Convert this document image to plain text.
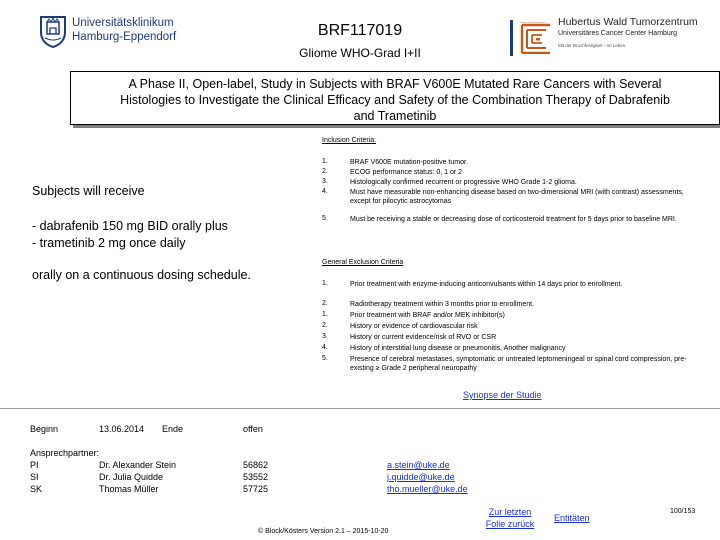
Universitätsklinikum
Hamburg-Eppendorf	BRF117019
Gliome WHO-Grad I+II
hubertus wald tumorzentrum Hubertus Wald Tumorzentrum
Universitäres Cancer Center Hamburg
Mit der Bruchfestigkeit - Im Leben.
A Phase II, Open-label, Study in Subjects with BRAF V600E Mutated Rare Cancers with Several
Histologies to Investigate the Clinical Efficacy and Safety of the Combination Therapy of Dabrafenib
and Trametinib
Subjects will receive
- dabrafenib 150 mg BID orally plus
- trametinib 2 mg once daily
orally on a continuous dosing schedule.
Inclusion Criteria:
1.	BRAF V600E mutation-positive tumor.
2.	ECOG performance status: 0, 1 or 2
3.	Histologically confirmed recurrent or progressive WHO Grade 1-2 glioma.
4.	Must have measurable non-enhancing disease based on two-dimensional MRI (with contrast) assessments, except for pilocytic astrocytomas
5.	Must be receiving a stable or decreasing dose of corticosteroid treatment for 5 days prior to baseline MRI.
General Exclusion Criteria
1.	Prior treatment with enzyme-inducing anticonvulsants within 14 days prior to enrollment.
2.	Radiotherapy treatment within 3 months prior to enrollment.
1.	Prior treatment with BRAF and/or MEK inhibitor(s)
2.	History or evidence of cardiovascular risk
3.	History or current evidence/risk of RVO or CSR
4.	History of interstitial lung disease or pneumonitis, Another malignancy
5.	Presence of cerebral metastases, symptomatic or untreated leptomeningeal or spinal cord compression, pre-existing ≥ Grade 2 peripheral neuropathy
Synopse der Studie
Beginn	13.06.2014 Ende	offen
Ansprechpartner:
PI	Dr. Alexander Stein	56862	a.stein@uke.de
SI	Dr. Julia Quidde	53552	j.quidde@uke.de
SK	Thomas Müller	57725	tho.mueller@uke.de
Zur letzten
Folie zurück
Entitäten
100/153
© Block/Kösters Version 2.1 – 2015-10-20
